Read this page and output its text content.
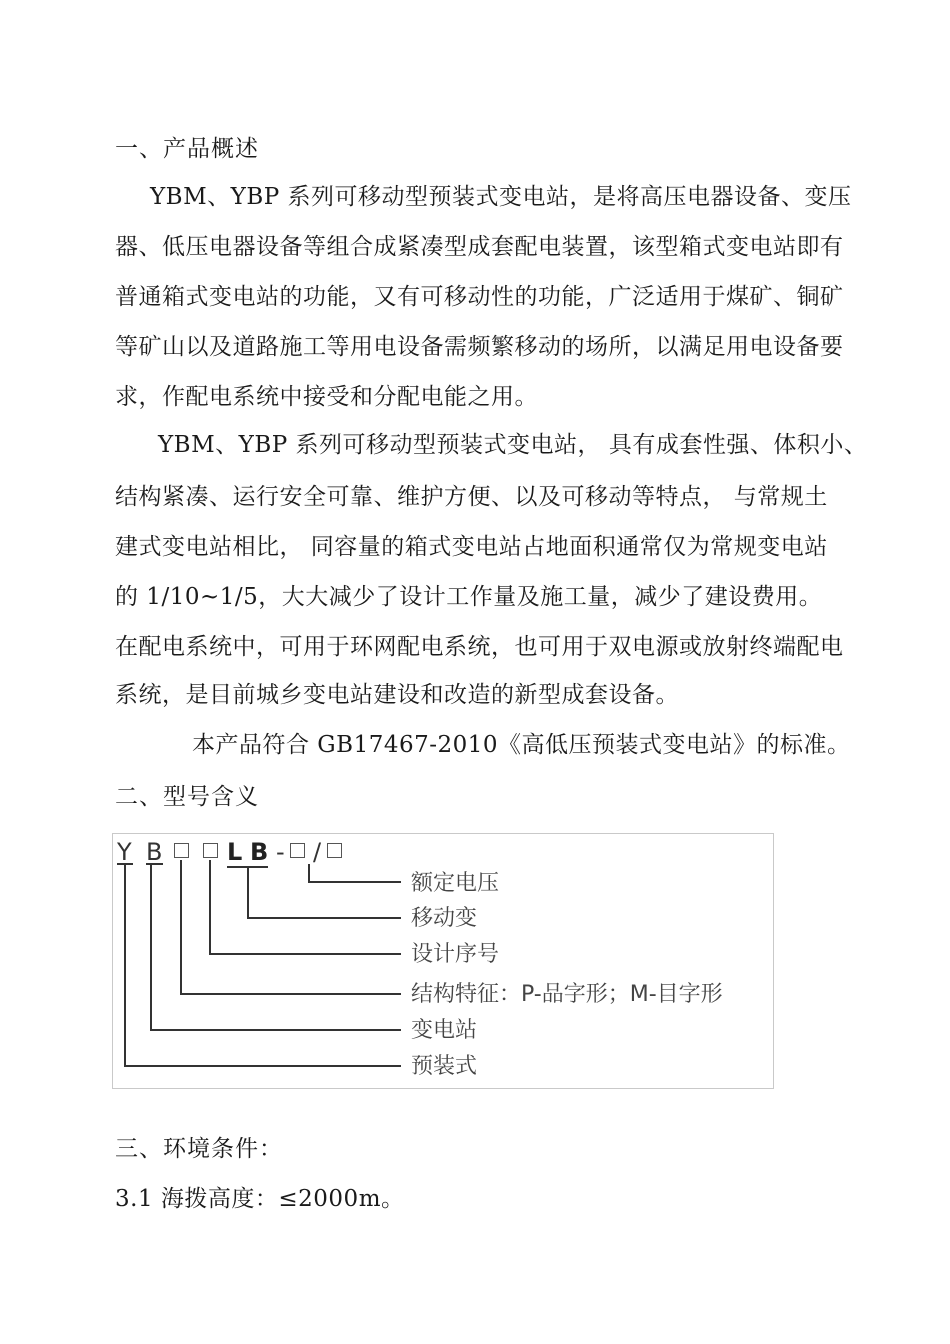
一、产品概述
YBM、YBP 系列可移动型预装式变电站，是将高压电器设备、变压
器、低压电器设备等组合成紧凑型成套配电装置，该型箱式变电站即有
普通箱式变电站的功能，又有可移动性的功能，广泛适用于煤矿、铜矿
等矿山以及道路施工等用电设备需频繁移动的场所，以满足用电设备要
求，作配电系统中接受和分配电能之用。
YBM、YBP 系列可移动型预装式变电站， 具有成套性强、体积小、
结构紧凑、运行安全可靠、维护方便、以及可移动等特点， 与常规土
建式变电站相比， 同容量的箱式变电站占地面积通常仅为常规变电站
的 1/10~1/5，大大减少了设计工作量及施工量，减少了建设费用。
在配电系统中，可用于环网配电系统，也可用于双电源或放射终端配电
系统，是目前城乡变电站建设和改造的新型成套设备。
本产品符合 GB17467-2010《高低压预装式变电站》的标准。
二、型号含义
Y B	L B - /
额定电压
移动变
设计序号
结构特征：P-品字形；M-目字形
变电站
预装式
三、环境条件：
3.1 海拨高度：≤2000m。
